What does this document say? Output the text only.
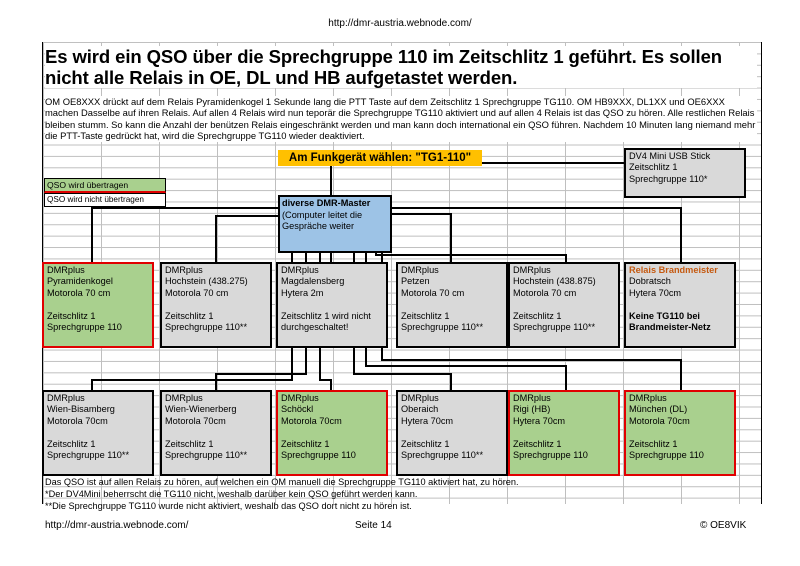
http://dmr-austria.webnode.com/
Es wird ein QSO über die Sprechgruppe 110 im Zeitschlitz 1 geführt. Es sollen nicht alle Relais in OE, DL und HB aufgetastet werden.
OM OE8XXX drückt auf dem Relais Pyramidenkogel 1 Sekunde lang die PTT Taste auf dem Zeitschlitz 1 Sprechgruppe TG110. OM HB9XXX, DL1XX und OE6XXX machen Dasselbe auf ihren Relais. Auf allen 4 Relais wird nun teporär die Sprechgruppe TG110 aktiviert und auf allen 4 Relais ist das QSO zu hören. Alle restlichen Relais bleiben stumm. So kann die Anzahl der benützen Relais eingeschränkt werden und man kann doch international ein QSO führen. Nachdem 10 Minuten lang niemand mehr die PTT-Taste gedrückt hat, wird die Sprechgruppe TG110 wieder deaktiviert.
Am Funkgerät wählen: "TG1-110"
QSO wird übertragen
QSO wird nicht übertragen	diverse DMR-Master
(Computer leitet die Gespräche weiter
DV4 Mini USB Stick
Zeitschlitz 1
Sprechgruppe 110*
DMRplus
Pyramidenkogel
Motorola 70 cm
Zeitschlitz 1
Sprechgruppe 110
DMRplus
Hochstein (438.275)
Motorola 70 cm
Zeitschlitz 1
Sprechgruppe 110**
DMRplus
Magdalensberg
Hytera 2m
Zeitschlitz 1 wird nicht
durchgeschaltet!
DMRplus
Petzen
Motorola 70 cm
Zeitschlitz 1
Sprechgruppe 110**
DMRplus
Hochstein (438.875)
Motorola 70 cm
Zeitschlitz 1
Sprechgruppe 110**
Relais Brandmeister
Dobratsch
Hytera 70cm
Keine TG110 bei
Brandmeister-Netz
DMRplus
Wien-Bisamberg
Motorola 70cm
Zeitschlitz 1
Sprechgruppe 110**
DMRplus
Wien-Wienerberg
Motorola 70cm
Zeitschlitz 1
Sprechgruppe 110**
DMRplus
Schöckl
Motorola 70cm
Zeitschlitz 1
Sprechgruppe 110
DMRplus
Oberaich
Hytera 70cm
Zeitschlitz 1
Sprechgruppe 110**
DMRplus
Rigi (HB)
Hytera 70cm
Zeitschlitz 1
Sprechgruppe 110
DMRplus
München (DL)
Motorola 70cm
Zeitschlitz 1
Sprechgruppe 110
Das QSO ist auf allen Relais zu hören, auf welchen ein OM manuell die Sprechgruppe TG110 aktiviert hat, zu hören.
*Der DV4Mini beherrscht die TG110 nicht, weshalb darüber kein QSO geführt werden kann.
**Die Sprechgruppe TG110 wurde nicht aktiviert, weshalb das QSO dort nicht zu hören ist.
http://dmr-austria.webnode.com/	Seite 14	© OE8VIK
